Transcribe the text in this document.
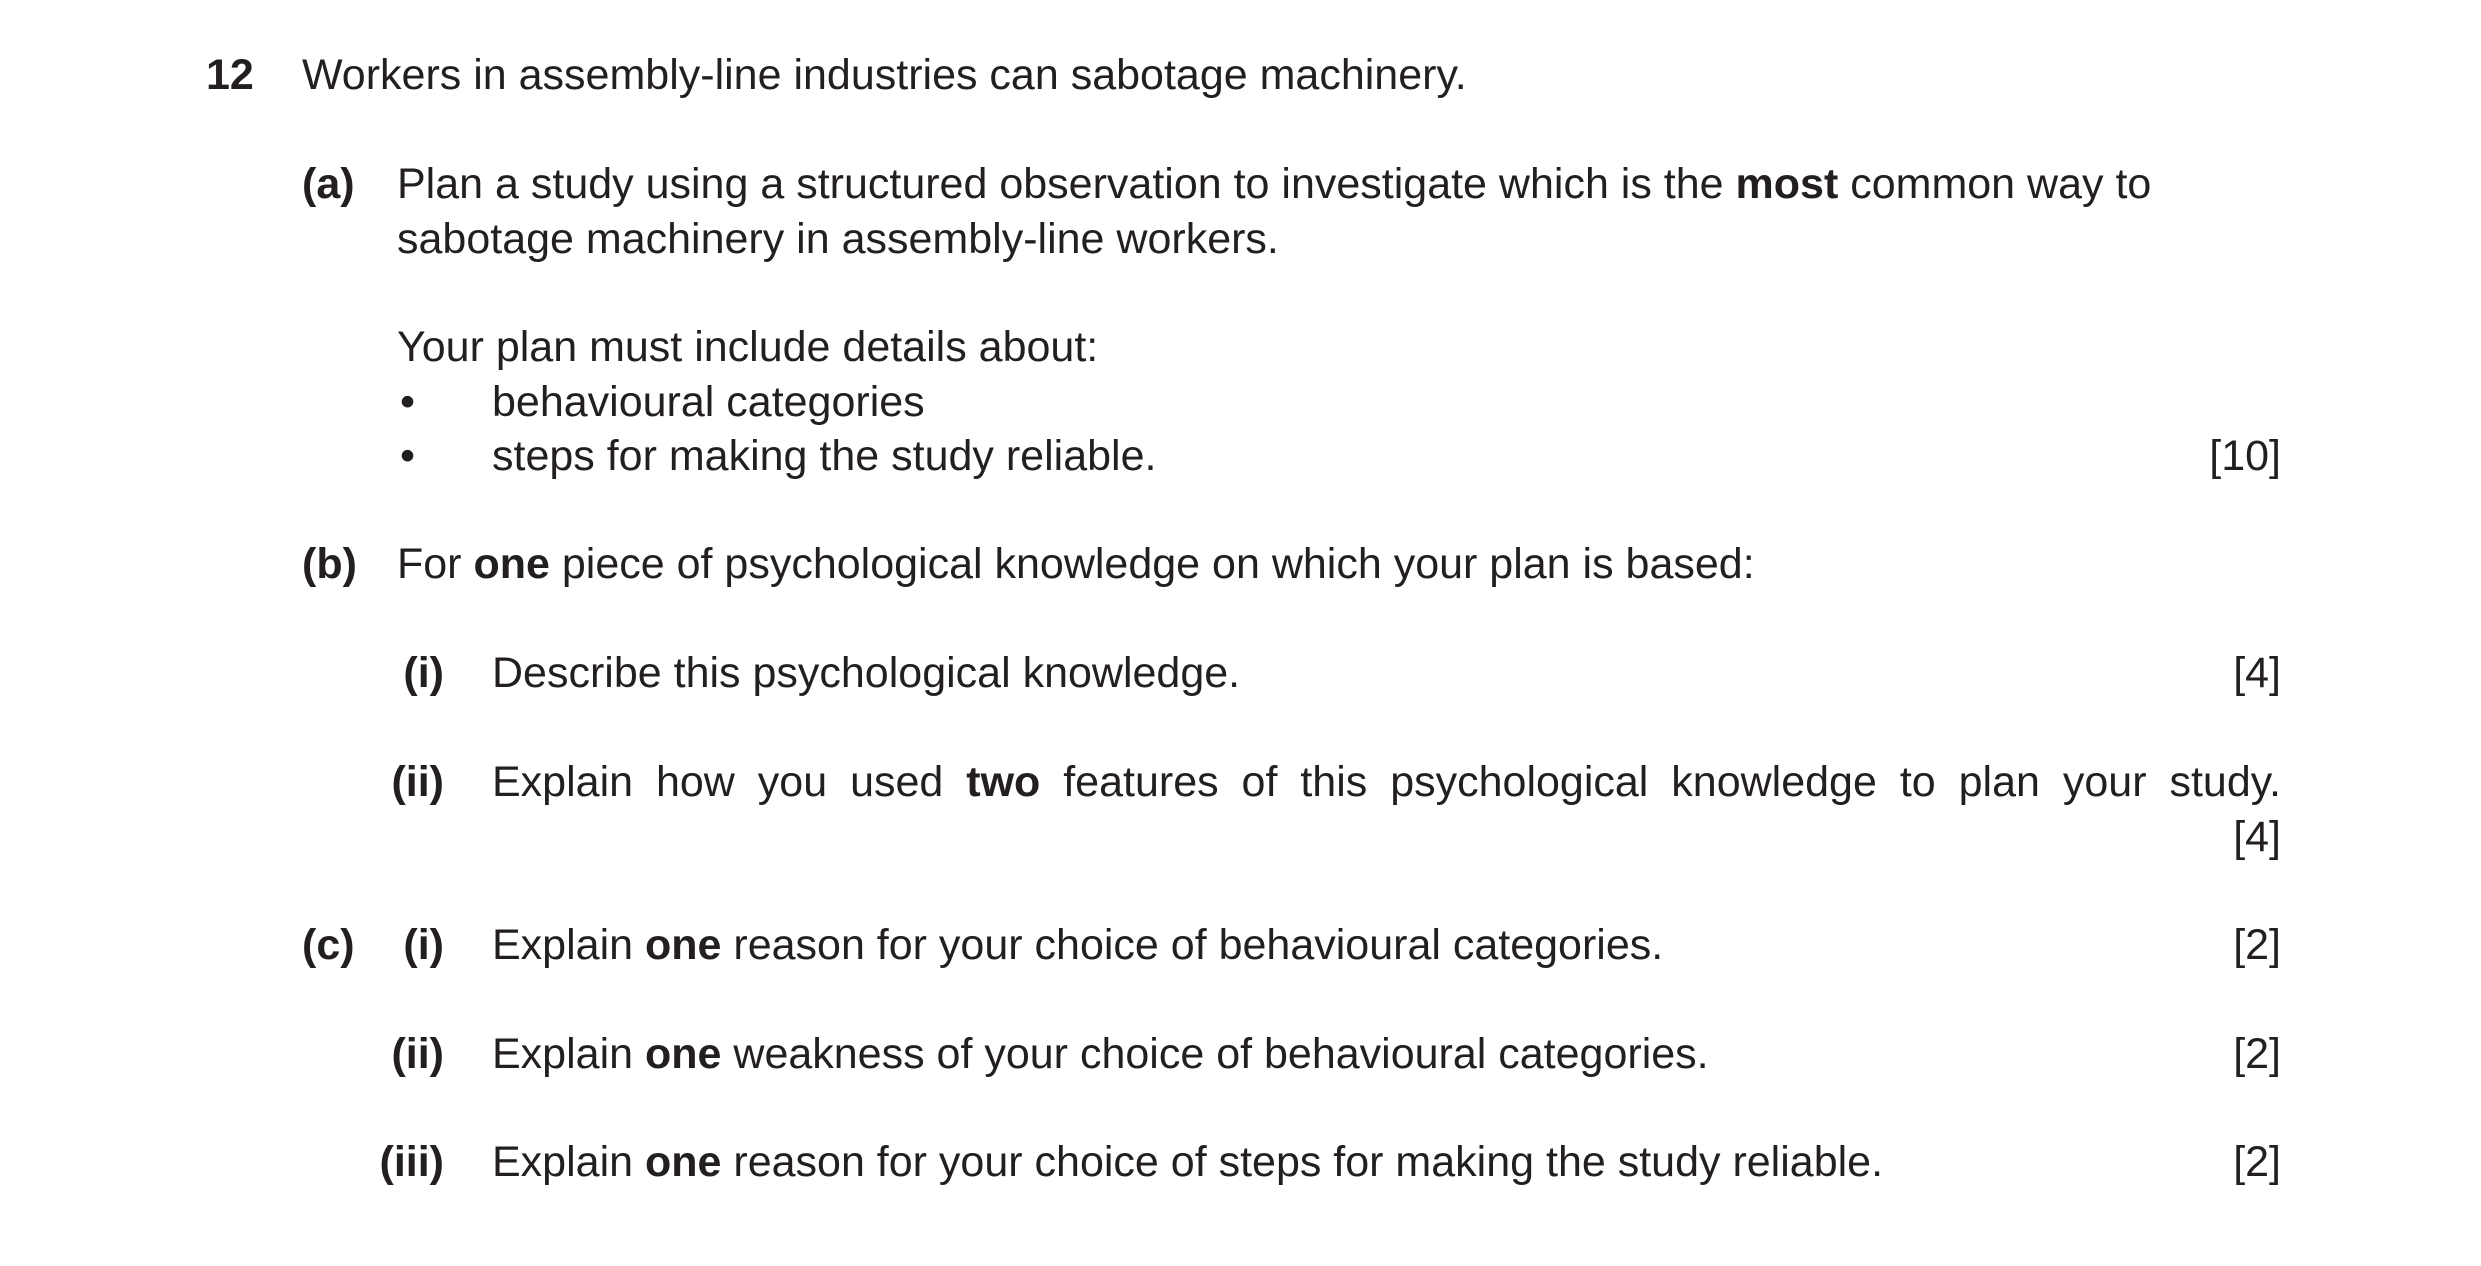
12 Workers in assembly-line industries can sabotage machinery.
(a) Plan a study using a structured observation to investigate which is the most common way to
sabotage machinery in assembly-line workers.
Your plan must include details about:
• behavioural categories
• steps for making the study reliable.	[10]
(b) For one piece of psychological knowledge on which your plan is based:
(i) Describe this psychological knowledge.	[4]
(ii) Explain how you used two features of this psychological knowledge to plan your study.
[4]
(c) (i) Explain one reason for your choice of behavioural categories.	[2]
(ii) Explain one weakness of your choice of behavioural categories.	[2]
(iii) Explain one reason for your choice of steps for making the study reliable.	[2]
